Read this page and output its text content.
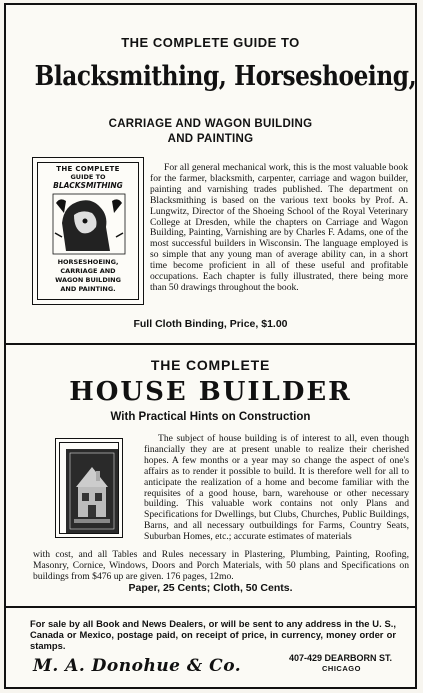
THE COMPLETE GUIDE TO
Blacksmithing, Horseshoeing,
CARRIAGE AND WAGON BUILDING
AND PAINTING
THE COMPLETE
GUIDE TO
BLACKSMITHING
HORSESHOEING,
CARRIAGE AND
WAGON BUILDING
AND PAINTING.
For all general mechanical work, this is the most valuable book for the farmer, blacksmith, carpenter, carriage and wagon builder, painting and varnishing trades published. The department on Blacksmithing is based on the various text books by Prof. A. Lungwitz, Director of the Shoeing School of the Royal Veterinary College at Dresden, while the chapters on Carriage and Wagon Building, Painting, Varnishing are by Charles F. Adams, one of the most successful builders in Wisconsin. The language employed is so simple that any young man of average ability can, in a short time become proficient in all of these useful and profitable occupations. Each chapter is fully illustrated, there being more than 50 drawings throughout the book.
Full Cloth Binding, Price, $1.00
THE COMPLETE
HOUSE BUILDER
With Practical Hints on Construction
The subject of house building is of interest to all, even though financially they are at present unable to realize their cherished hopes. A few months or a year may so change the aspect of one's affairs as to render it possible to build. It is therefore well for all to anticipate the realization of a home and become familiar with the requisites of a good house, barn, warehouse or other necessary building. This valuable work contains not only Plans and Specifications for Dwellings, but Clubs, Churches, Public Buildings, Barns, and all necessary outbuildings for Farms, Country Seats, Suburban Homes, etc.; accurate estimates of materials
with cost, and all Tables and Rules necessary in Plastering, Plumbing, Painting, Roofing, Masonry, Cornice, Windows, Doors and Porch Materials, with 50 plans and Specifications on buildings from $476 up are given. 176 pages, 12mo.
Paper, 25 Cents; Cloth, 50 Cents.
For sale by all Book and News Dealers, or will be sent to any address in the U. S., Canada or Mexico, postage paid, on receipt of price, in currency, money order or stamps.
M. A. Donohue & Co.	407-429 DEARBORN ST.
CHICAGO
